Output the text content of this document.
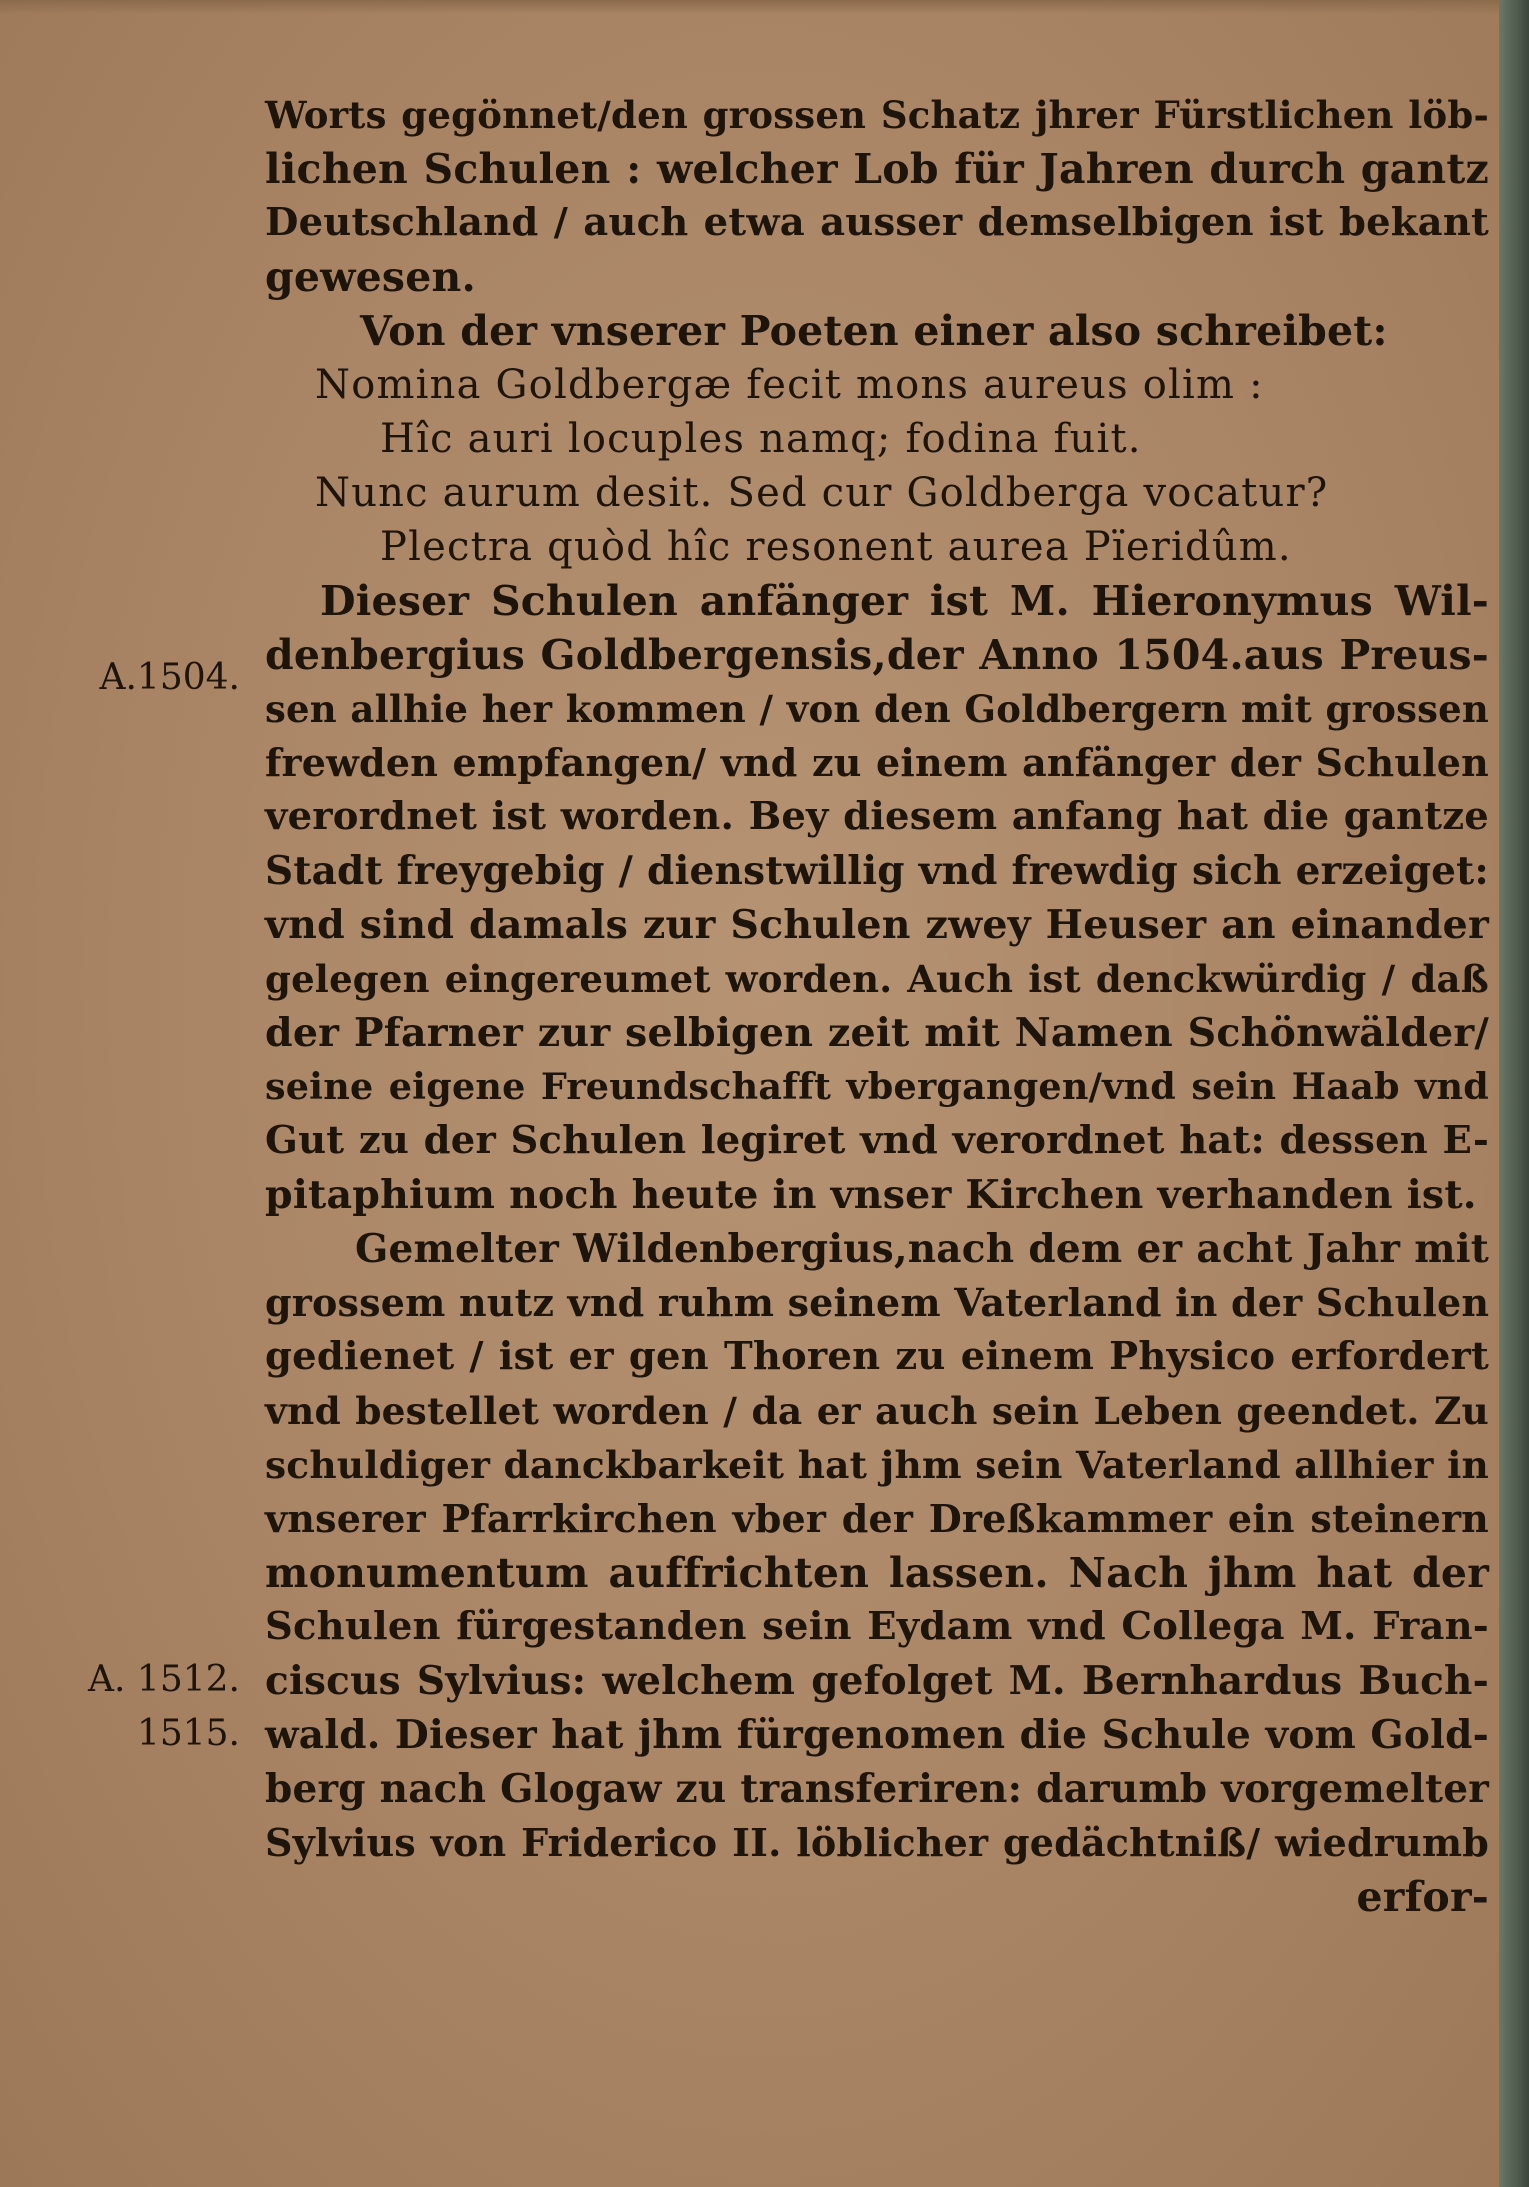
A.1504.
A. 1512.
1515.
Worts gegönnet/den grossen Schatz jhrer Fürstlichen löb-
lichen Schulen : welcher Lob für Jahren durch gantz
Deutschland / auch etwa ausser demselbigen ist bekant
gewesen.
Von der vnserer Poeten einer also schreibet:
Nomina Goldbergæ fecit mons aureus olim :
Hîc auri locuples namq; fodina fuit.
Nunc aurum desit. Sed cur Goldberga vocatur?
Plectra quòd hîc resonent aurea Pïeridûm.
Dieser Schulen anfänger ist M. Hieronymus Wil-
denbergius Goldbergensis,der Anno 1504.aus Preus-
sen allhie her kommen / von den Goldbergern mit grossen
frewden empfangen/ vnd zu einem anfänger der Schulen
verordnet ist worden. Bey diesem anfang hat die gantze
Stadt freygebig / dienstwillig vnd frewdig sich erzeiget:
vnd sind damals zur Schulen zwey Heuser an einander
gelegen eingereumet worden. Auch ist denckwürdig / daß
der Pfarner zur selbigen zeit mit Namen Schönwälder/
seine eigene Freundschafft vbergangen/vnd sein Haab vnd
Gut zu der Schulen legiret vnd verordnet hat: dessen E-
pitaphium noch heute in vnser Kirchen verhanden ist.
Gemelter Wildenbergius,nach dem er acht Jahr mit
grossem nutz vnd ruhm seinem Vaterland in der Schulen
gedienet / ist er gen Thoren zu einem Physico erfordert
vnd bestellet worden / da er auch sein Leben geendet. Zu
schuldiger danckbarkeit hat jhm sein Vaterland allhier in
vnserer Pfarrkirchen vber der Dreßkammer ein steinern
monumentum auffrichten lassen. Nach jhm hat der
Schulen fürgestanden sein Eydam vnd Collega M. Fran-
ciscus Sylvius: welchem gefolget M. Bernhardus Buch-
wald. Dieser hat jhm fürgenomen die Schule vom Gold-
berg nach Glogaw zu transferiren: darumb vorgemelter
Sylvius von Friderico II. löblicher gedächtniß/ wiedrumb
erfor-
